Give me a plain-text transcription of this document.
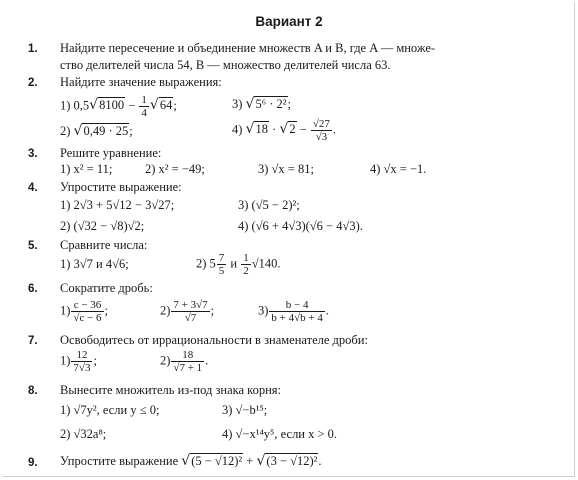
Вариант 2
1. Найдите пересечение и объединение множеств A и B, где A — множе-
ство делителей числа 54, B — множество делителей числа 63.
2. Найдите значение выражения:
1) $0,5√8100 - \frac{1}{4} √64$;	3) √5⁶ · 2²;
2) √0,49 · 25;	4) $√18 \cdot √2 - \frac{√27}{√3}$ .
3. Решите уравнение:
1) x² = 11;	2) x² = −49;	3) √x = 81;	4) √x = −1.
4. Упростите выражение:
1) 2√3 + 5√12 − 3√27;	3) (√5 − 2)²;
2) (√32 − √8)√2;	4) (√6 + 4√3)(√6 − 4√3).
5. Сравните числа:
1) 3√7 и 4√6;	2) $5 \frac{7}{5}$ и $\frac{1}{2} √140$.
6. Сократите дробь:
$1) \frac{c - 36}{√c - 6}$ ;	$2) \frac{7 + 3√7}{√7}$ ;	$3) \frac{b - 4}{b + 4√b + 4}$ .
7. Освободитесь от иррациональности в знаменателе дроби:
$1) \frac{12}{7√3}$ ;	$2) \frac{18}{√7 + 1}$ .
8. Вынесите множитель из-под знака корня:
1) √7y², если y ≤ 0;	3) √−b¹⁵;
2) √32a⁸;	4) √−x¹⁴y⁵, если x > 0.
9. Упростите выражение √(5 − √12)² + √(3 − √12)².
